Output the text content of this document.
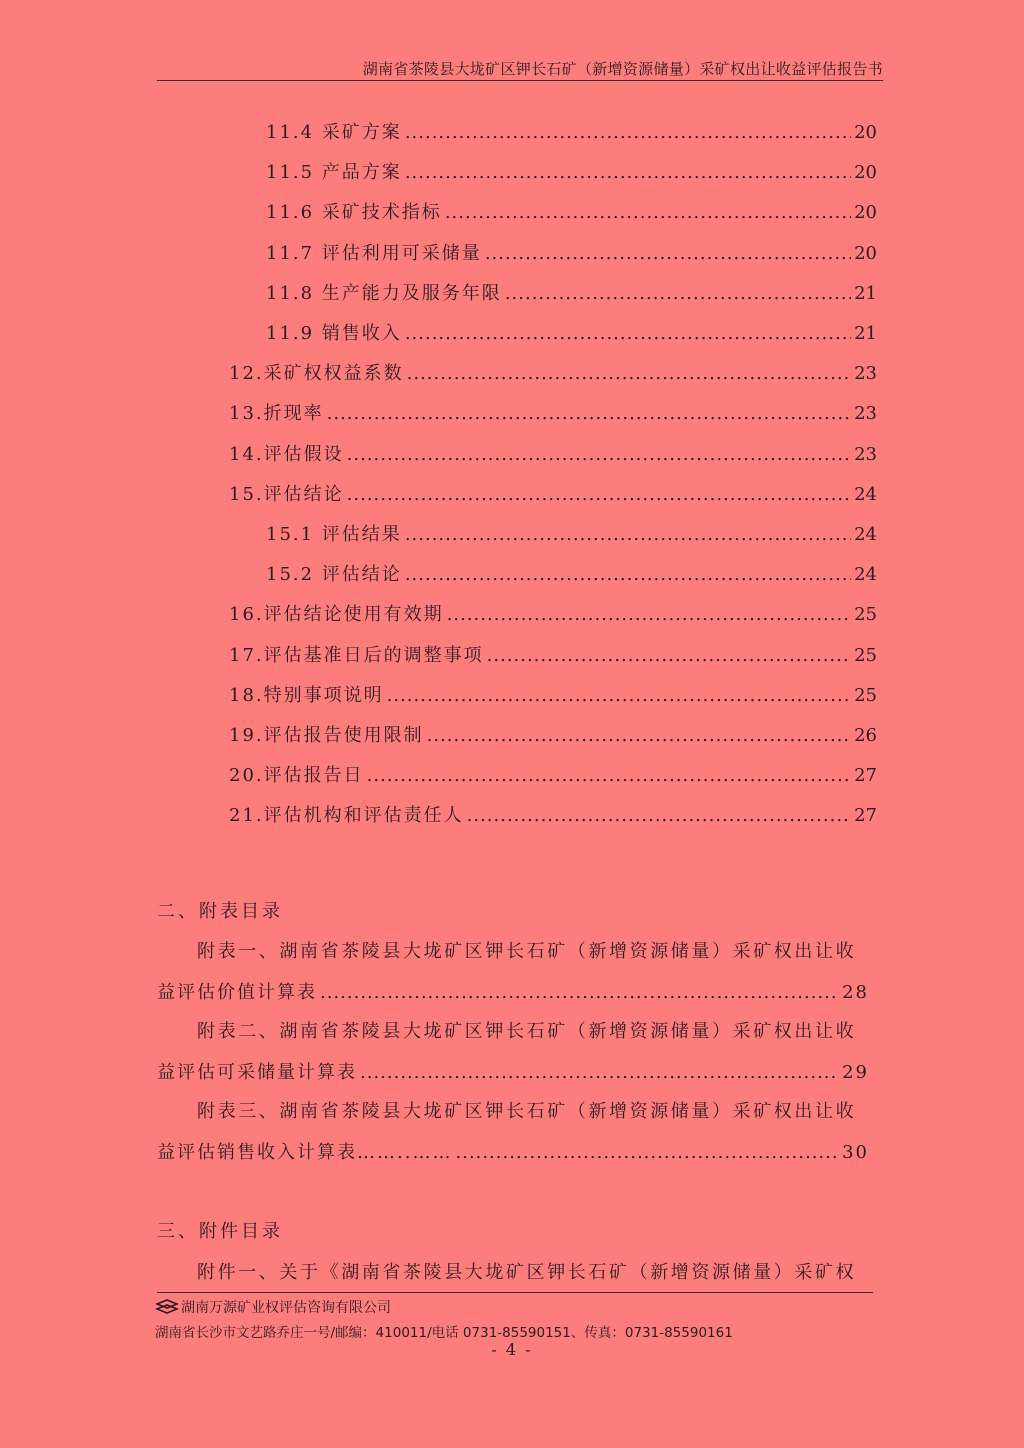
湖南省茶陵县大垅矿区钾长石矿（新增资源储量）采矿权出让收益评估报告书
11.4 采矿方案 .....	20
11.5 产品方案 .....	20
11.6 采矿技术指标 .....	20
11.7 评估利用可采储量 .....	20
11.8 生产能力及服务年限 .....	21
11.9 销售收入 .....	21
12.采矿权权益系数 .....	23
13.折现率 .....	23
14.评估假设 .....	23
15.评估结论 .....	24
15.1 评估结果 .....	24
15.2 评估结论 .....	24
16.评估结论使用有效期 .....	25
17.评估基准日后的调整事项 .....	25
18.特别事项说明 .....	25
19.评估报告使用限制 .....	26
20.评估报告日 .....	27
21.评估机构和评估责任人 .....	27
二、附表目录
附表一、湖南省茶陵县大垅矿区钾长石矿（新增资源储量）采矿权出让收
益评估价值计算表 .....	28
附表二、湖南省茶陵县大垅矿区钾长石矿（新增资源储量）采矿权出让收
益评估可采储量计算表 .....	29
附表三、湖南省茶陵县大垅矿区钾长石矿（新增资源储量）采矿权出让收
益评估销售收入计算表……..…… .....	30
三、附件目录
附件一、关于《湖南省茶陵县大垅矿区钾长石矿（新增资源储量）采矿权
湖南万源矿业权评估咨询有限公司
湖南省长沙市文艺路乔庄一号/邮编：410011/电话 0731-85590151、传真：0731-85590161
- 4 -
